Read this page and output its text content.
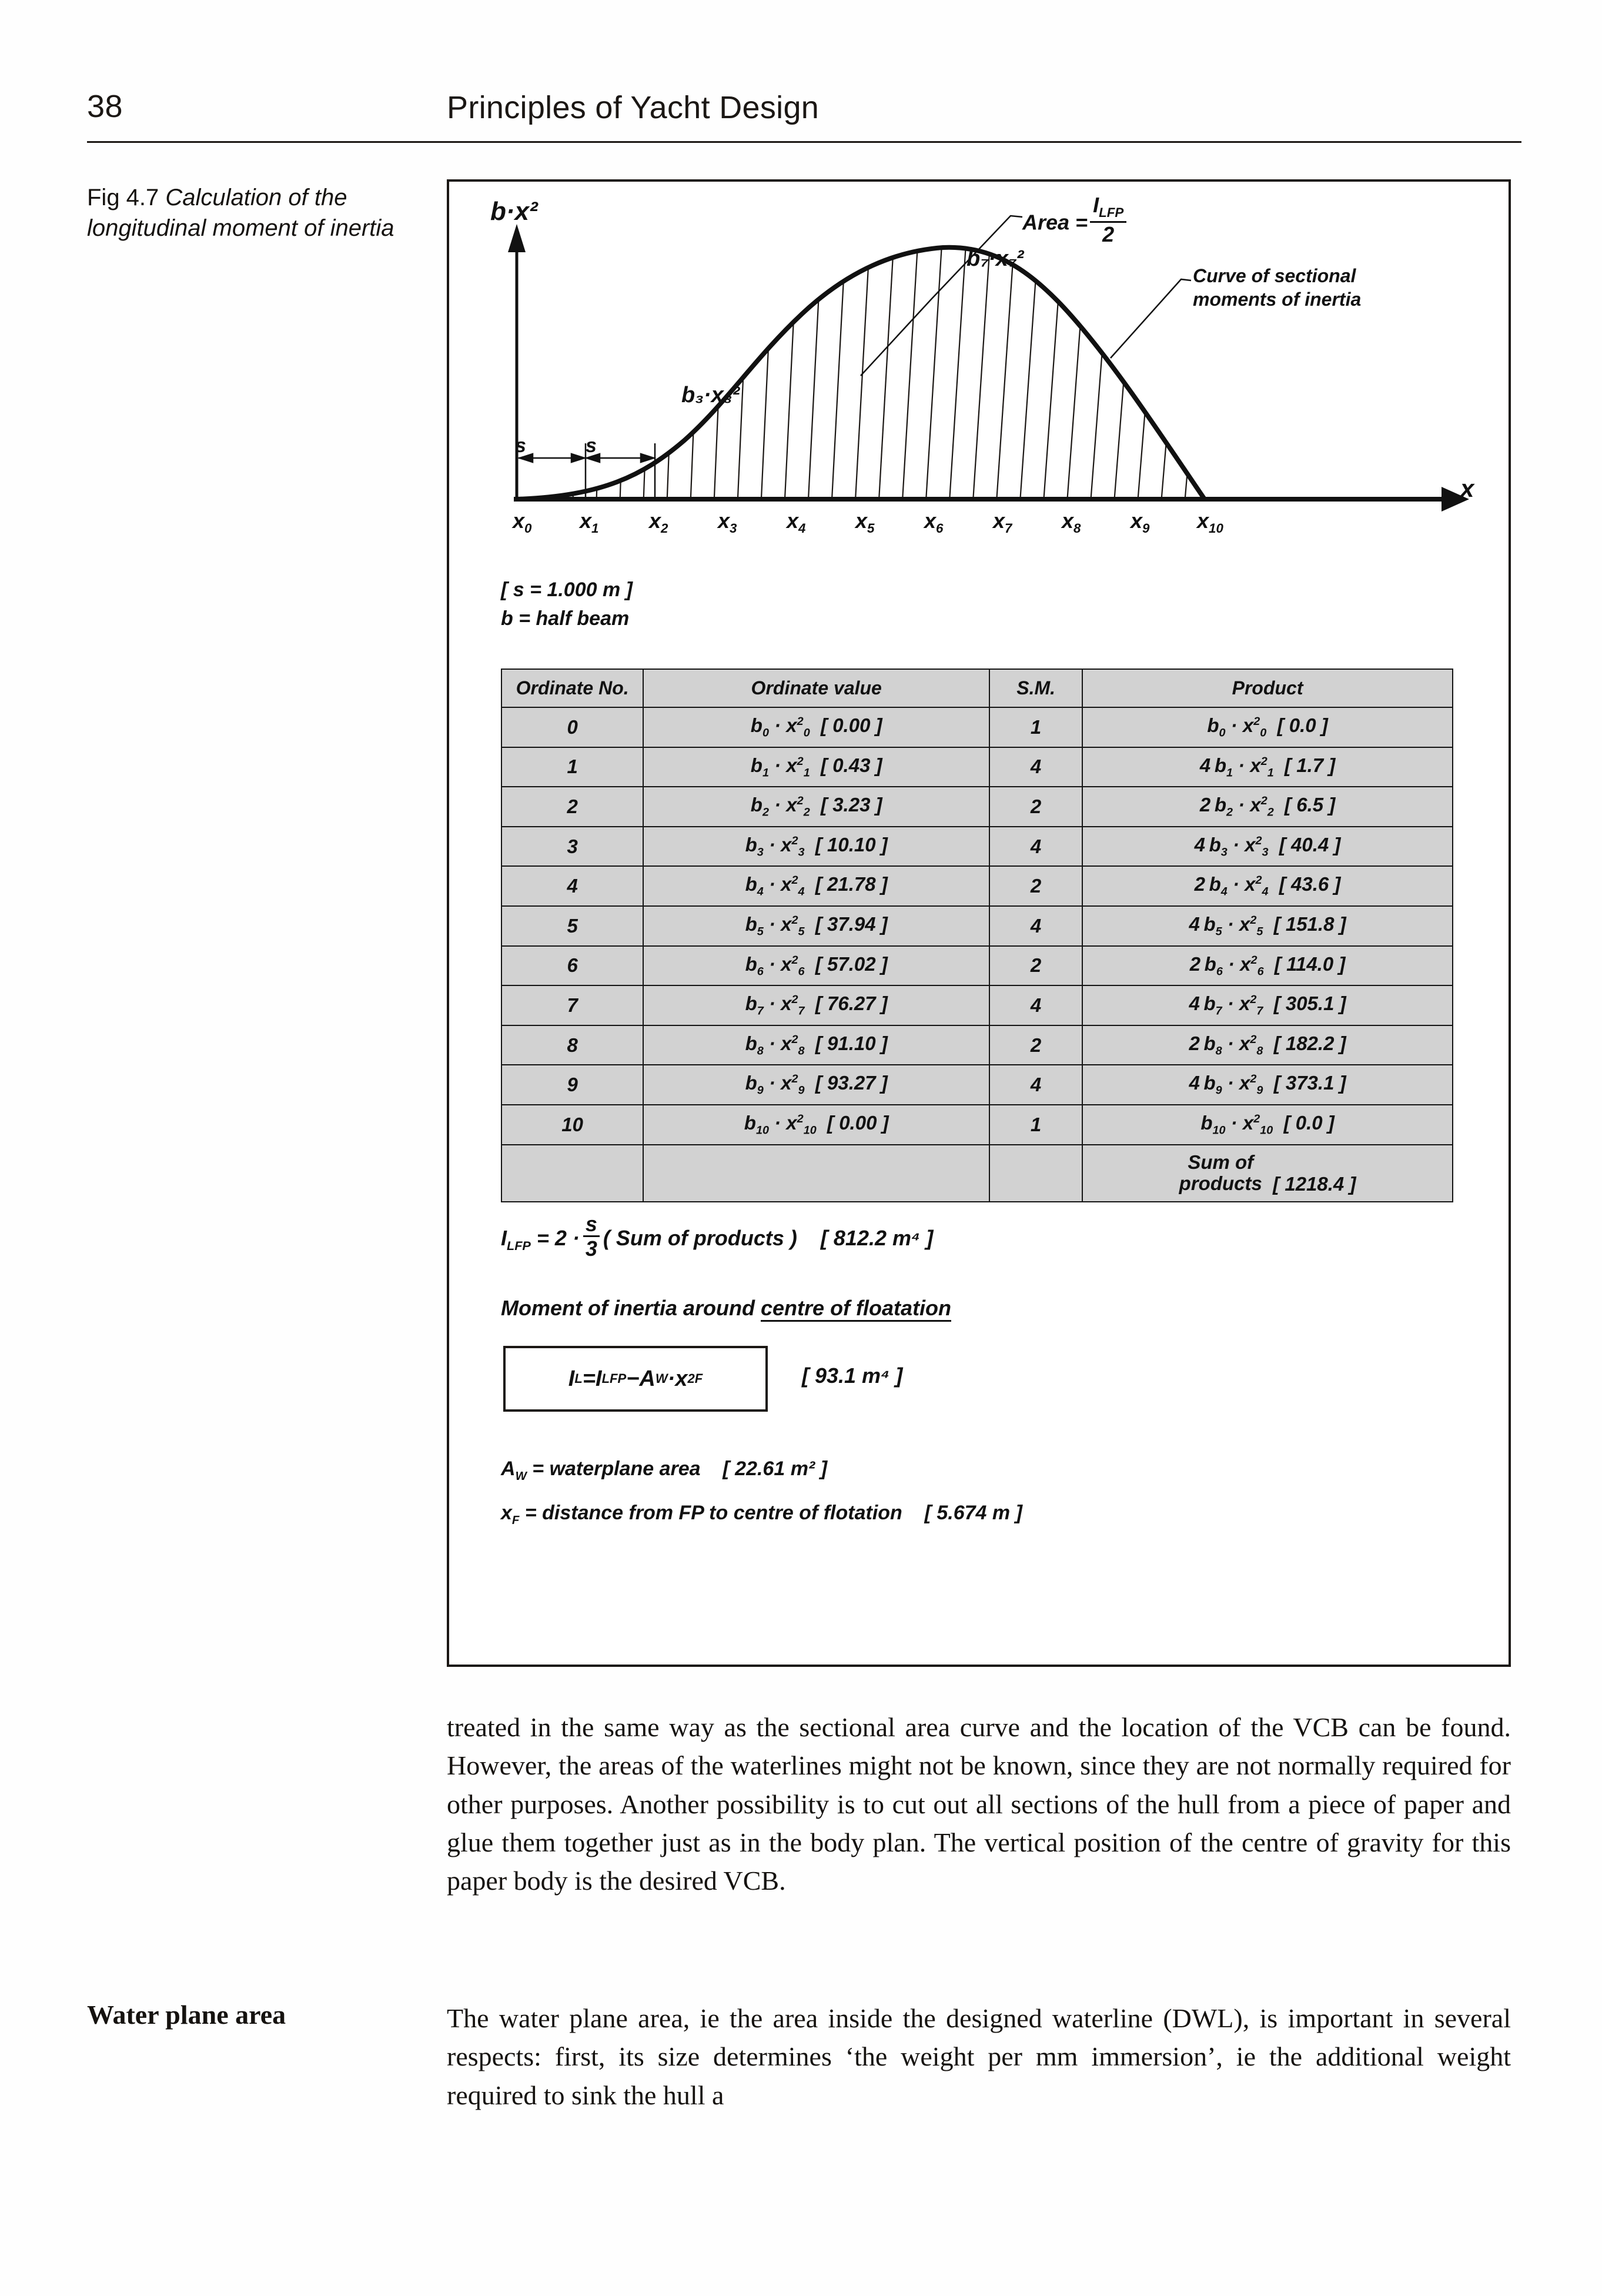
38	Principles of Yacht Design
Fig 4.7 Calculation of the longitudinal moment of inertia
b·x²	Area = $\frac{I_{LFP}}{2}$
b₇·x₇²
Curve of sectional moments of inertia
b₃·x₃²
s	s
x
$x_0$ $x_1$ $x_2$ $x_3$ $x_4$ $x_5$ $x_6$ $x_7$ $x_8$ $x_9$ $x_{10}$
[ s = 1.000 m ]
b = half beam
Ordinate No.	Ordinate value	S.M.	Product
0	$b_0 \cdot x^2_0$  [ 0.00 ]	1	$b_0 \cdot x^2_0$  [ 0.0 ]
1	$b_1 \cdot x^2_1$  [ 0.43 ]	4	4 $b_1 \cdot x^2_1$  [ 1.7 ]
2	$b_2 \cdot x^2_2$  [ 3.23 ]	2	2 $b_2 \cdot x^2_2$  [ 6.5 ]
3	$b_3 \cdot x^2_3$  [ 10.10 ]	4	4 $b_3 \cdot x^2_3$  [ 40.4 ]
4	$b_4 \cdot x^2_4$  [ 21.78 ]	2	2 $b_4 \cdot x^2_4$  [ 43.6 ]
5	$b_5 \cdot x^2_5$  [ 37.94 ]	4	4 $b_5 \cdot x^2_5$  [ 151.8 ]
6	$b_6 \cdot x^2_6$  [ 57.02 ]	2	2 $b_6 \cdot x^2_6$  [ 114.0 ]
7	$b_7 \cdot x^2_7$  [ 76.27 ]	4	4 $b_7 \cdot x^2_7$  [ 305.1 ]
8	$b_8 \cdot x^2_8$  [ 91.10 ]	2	2 $b_8 \cdot x^2_8$  [ 182.2 ]
9	$b_9 \cdot x^2_9$  [ 93.27 ]	4	4 $b_9 \cdot x^2_9$  [ 373.1 ]
10	$b_{10} \cdot x^2_{10}$  [ 0.00 ]	1	$b_{10} \cdot x^2_{10}$  [ 0.0 ]
			Sum of
products  [ 1218.4 ]
$I_{LFP} = 2 \cdot \frac{s}{3}$ ( Sum of products ) [ 812.2 m⁴ ]
Moment of inertia around centre of floatation
I L = I LFP − A W · x 2 F	[ 93.1 m⁴ ]
$A_W$ = waterplane area [ 22.61 m² ]
$x_F$ = distance from FP to centre of flotation [ 5.674 m ]
treated in the same way as the sectional area curve and the location of the VCB can be found. However, the areas of the waterlines might not be known, since they are not normally required for other purposes. Another possibility is to cut out all sections of the hull from a piece of paper and glue them together just as in the body plan. The vertical position of the centre of gravity for this paper body is the desired VCB.
Water plane area	The water plane area, ie the area inside the designed waterline (DWL), is important in several respects: first, its size determines ‘the weight per mm immersion’, ie the additional weight required to sink the hull a
